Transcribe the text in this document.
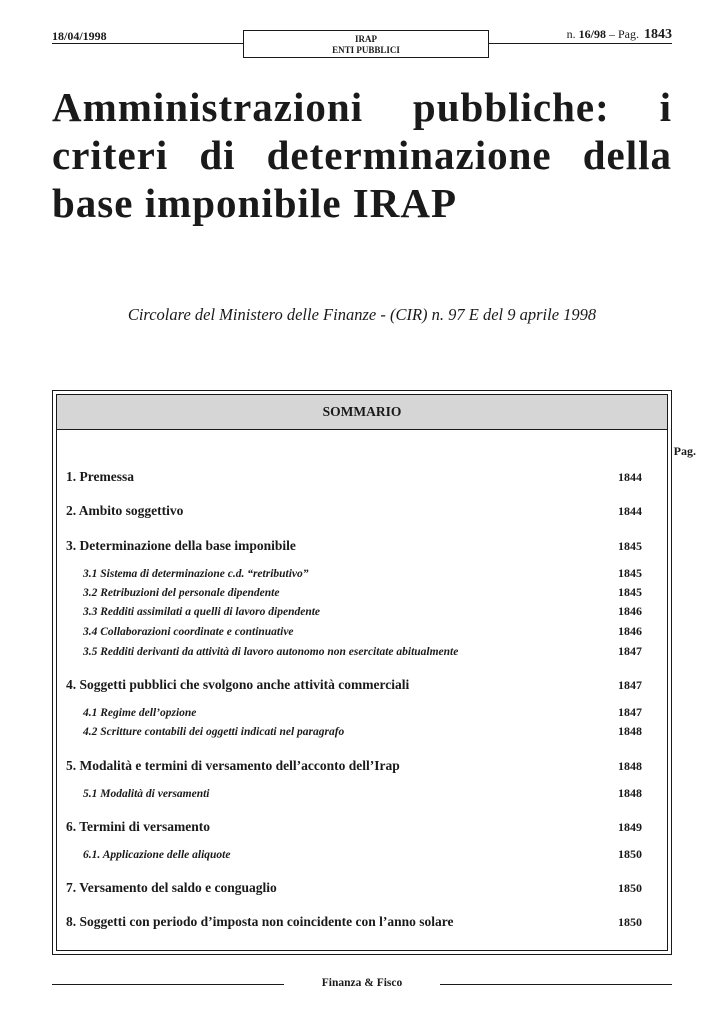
18/04/1998	IRAP
ENTI PUBBLICI
n. 16/98 – Pag. 1843
Amministrazioni pubbliche: i criteri di determinazione della base imponibile IRAP
Circolare del Ministero delle Finanze - (CIR) n. 97 E del 9 aprile 1998
SOMMARIO
Pag.
1. Premessa	1844
2. Ambito soggettivo	1844
3. Determinazione della base imponibile	1845
3.1 Sistema di determinazione c.d. “retributivo”	1845
3.2 Retribuzioni del personale dipendente	1845
3.3 Redditi assimilati a quelli di lavoro dipendente	1846
3.4 Collaborazioni coordinate e continuative	1846
3.5 Redditi derivanti da attività di lavoro autonomo non esercitate abitualmente	1847
4. Soggetti pubblici che svolgono anche attività commerciali	1847
4.1 Regime dell’opzione	1847
4.2 Scritture contabili dei oggetti indicati nel paragrafo	1848
5. Modalità e termini di versamento dell’acconto dell’Irap	1848
5.1 Modalità di versamenti	1848
6. Termini di versamento	1849
6.1. Applicazione delle aliquote	1850
7. Versamento del saldo e conguaglio	1850
8. Soggetti con periodo d’imposta non coincidente con l’anno solare	1850
Finanza & Fisco
